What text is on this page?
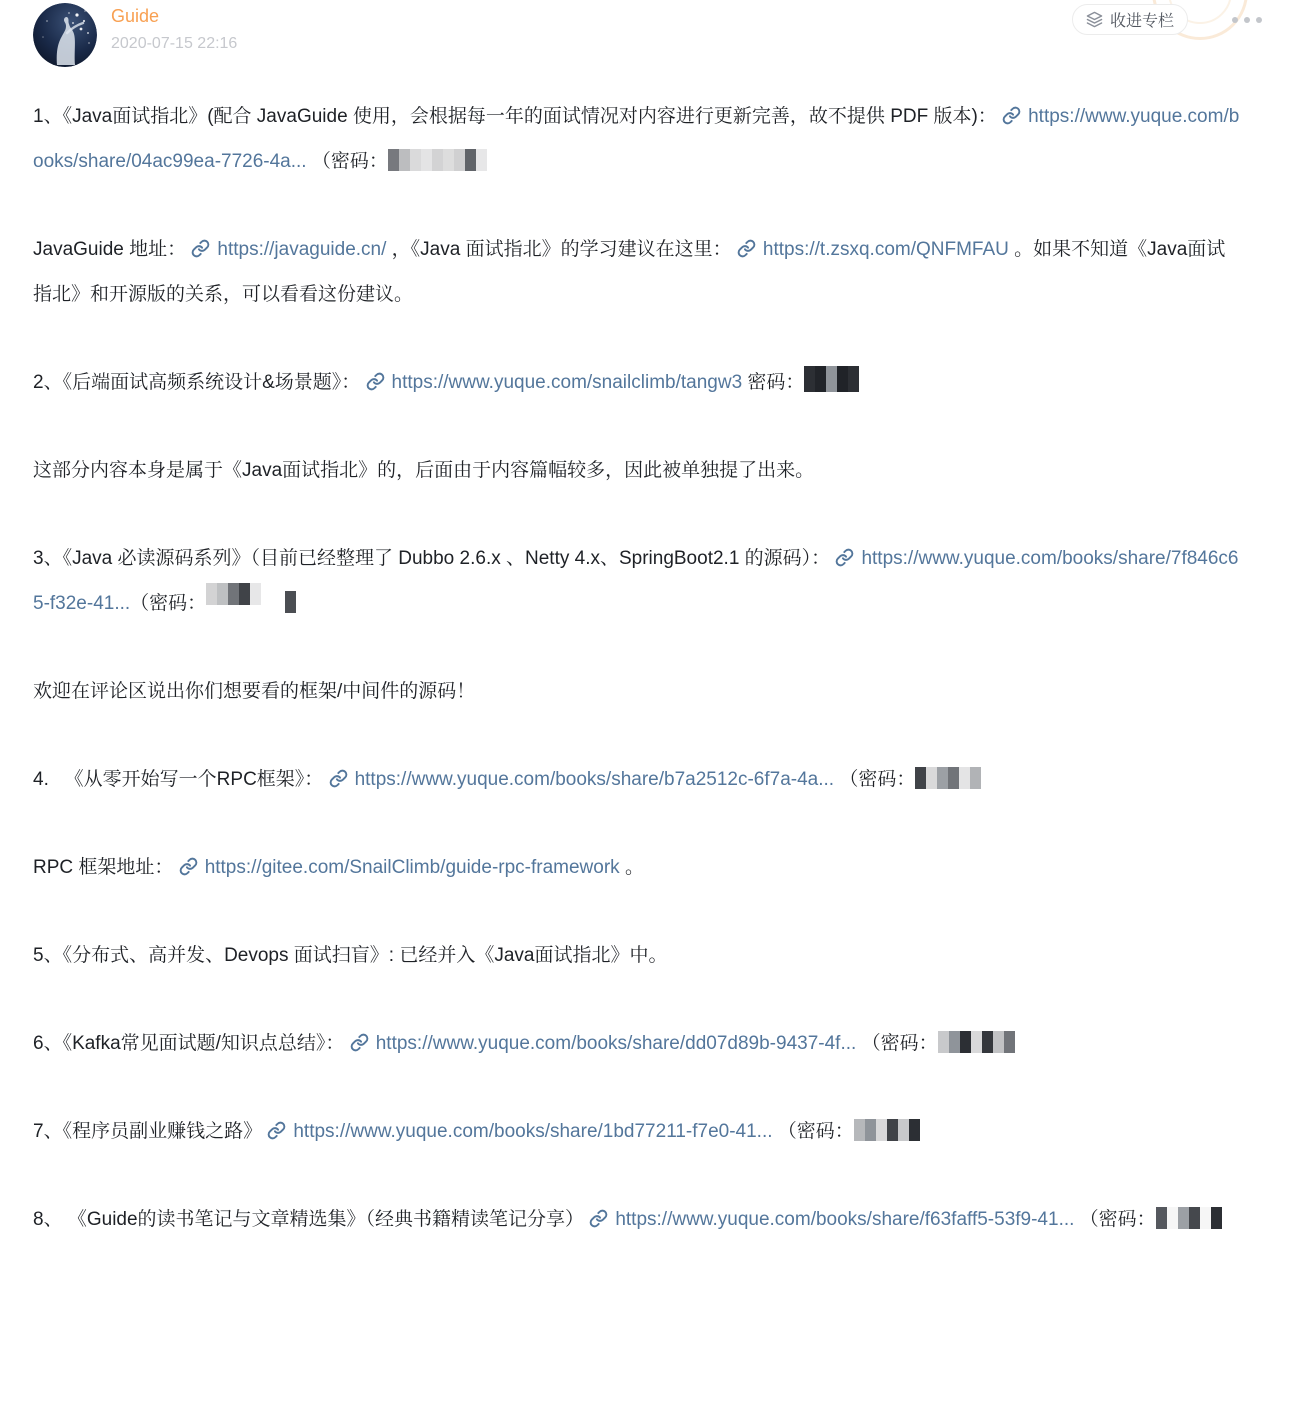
Guide
2020-07-15 22:16
收进专栏

1、《Java面试指北》(配合 JavaGuide 使用，会根据每一年的面试情况对内容进行更新完善，故不提供 PDF 版本)： https://www.yuque.com/books/share/04ac99ea-7726-4a... （密码：

JavaGuide 地址： https://javaguide.cn/ ，《Java 面试指北》的学习建议在这里： https://t.zsxq.com/QNFMFAU 。如果不知道《Java面试指北》和开源版的关系，可以看看这份建议。

2、《后端面试高频系统设计&场景题》： https://www.yuque.com/snailclimb/tangw3 密码：

这部分内容本身是属于《Java面试指北》的，后面由于内容篇幅较多，因此被单独提了出来。

3、《Java 必读源码系列》（目前已经整理了 Dubbo 2.6.x 、Netty 4.x、SpringBoot2.1 的源码）： https://www.yuque.com/books/share/7f846c65-f32e-41...（密码：

欢迎在评论区说出你们想要看的框架/中间件的源码！

4.   《从零开始写一个RPC框架》： https://www.yuque.com/books/share/b7a2512c-6f7a-4a... （密码：

RPC 框架地址： https://gitee.com/SnailClimb/guide-rpc-framework 。

5、《分布式、高并发、Devops 面试扫盲》: 已经并入《Java面试指北》中。

6、《Kafka常见面试题/知识点总结》： https://www.yuque.com/books/share/dd07d89b-9437-4f... （密码：

7、《程序员副业赚钱之路》 https://www.yuque.com/books/share/1bd77211-f7e0-41... （密码：

8、 《Guide的读书笔记与文章精选集》（经典书籍精读笔记分享） https://www.yuque.com/books/share/f63faff5-53f9-41... （密码：
